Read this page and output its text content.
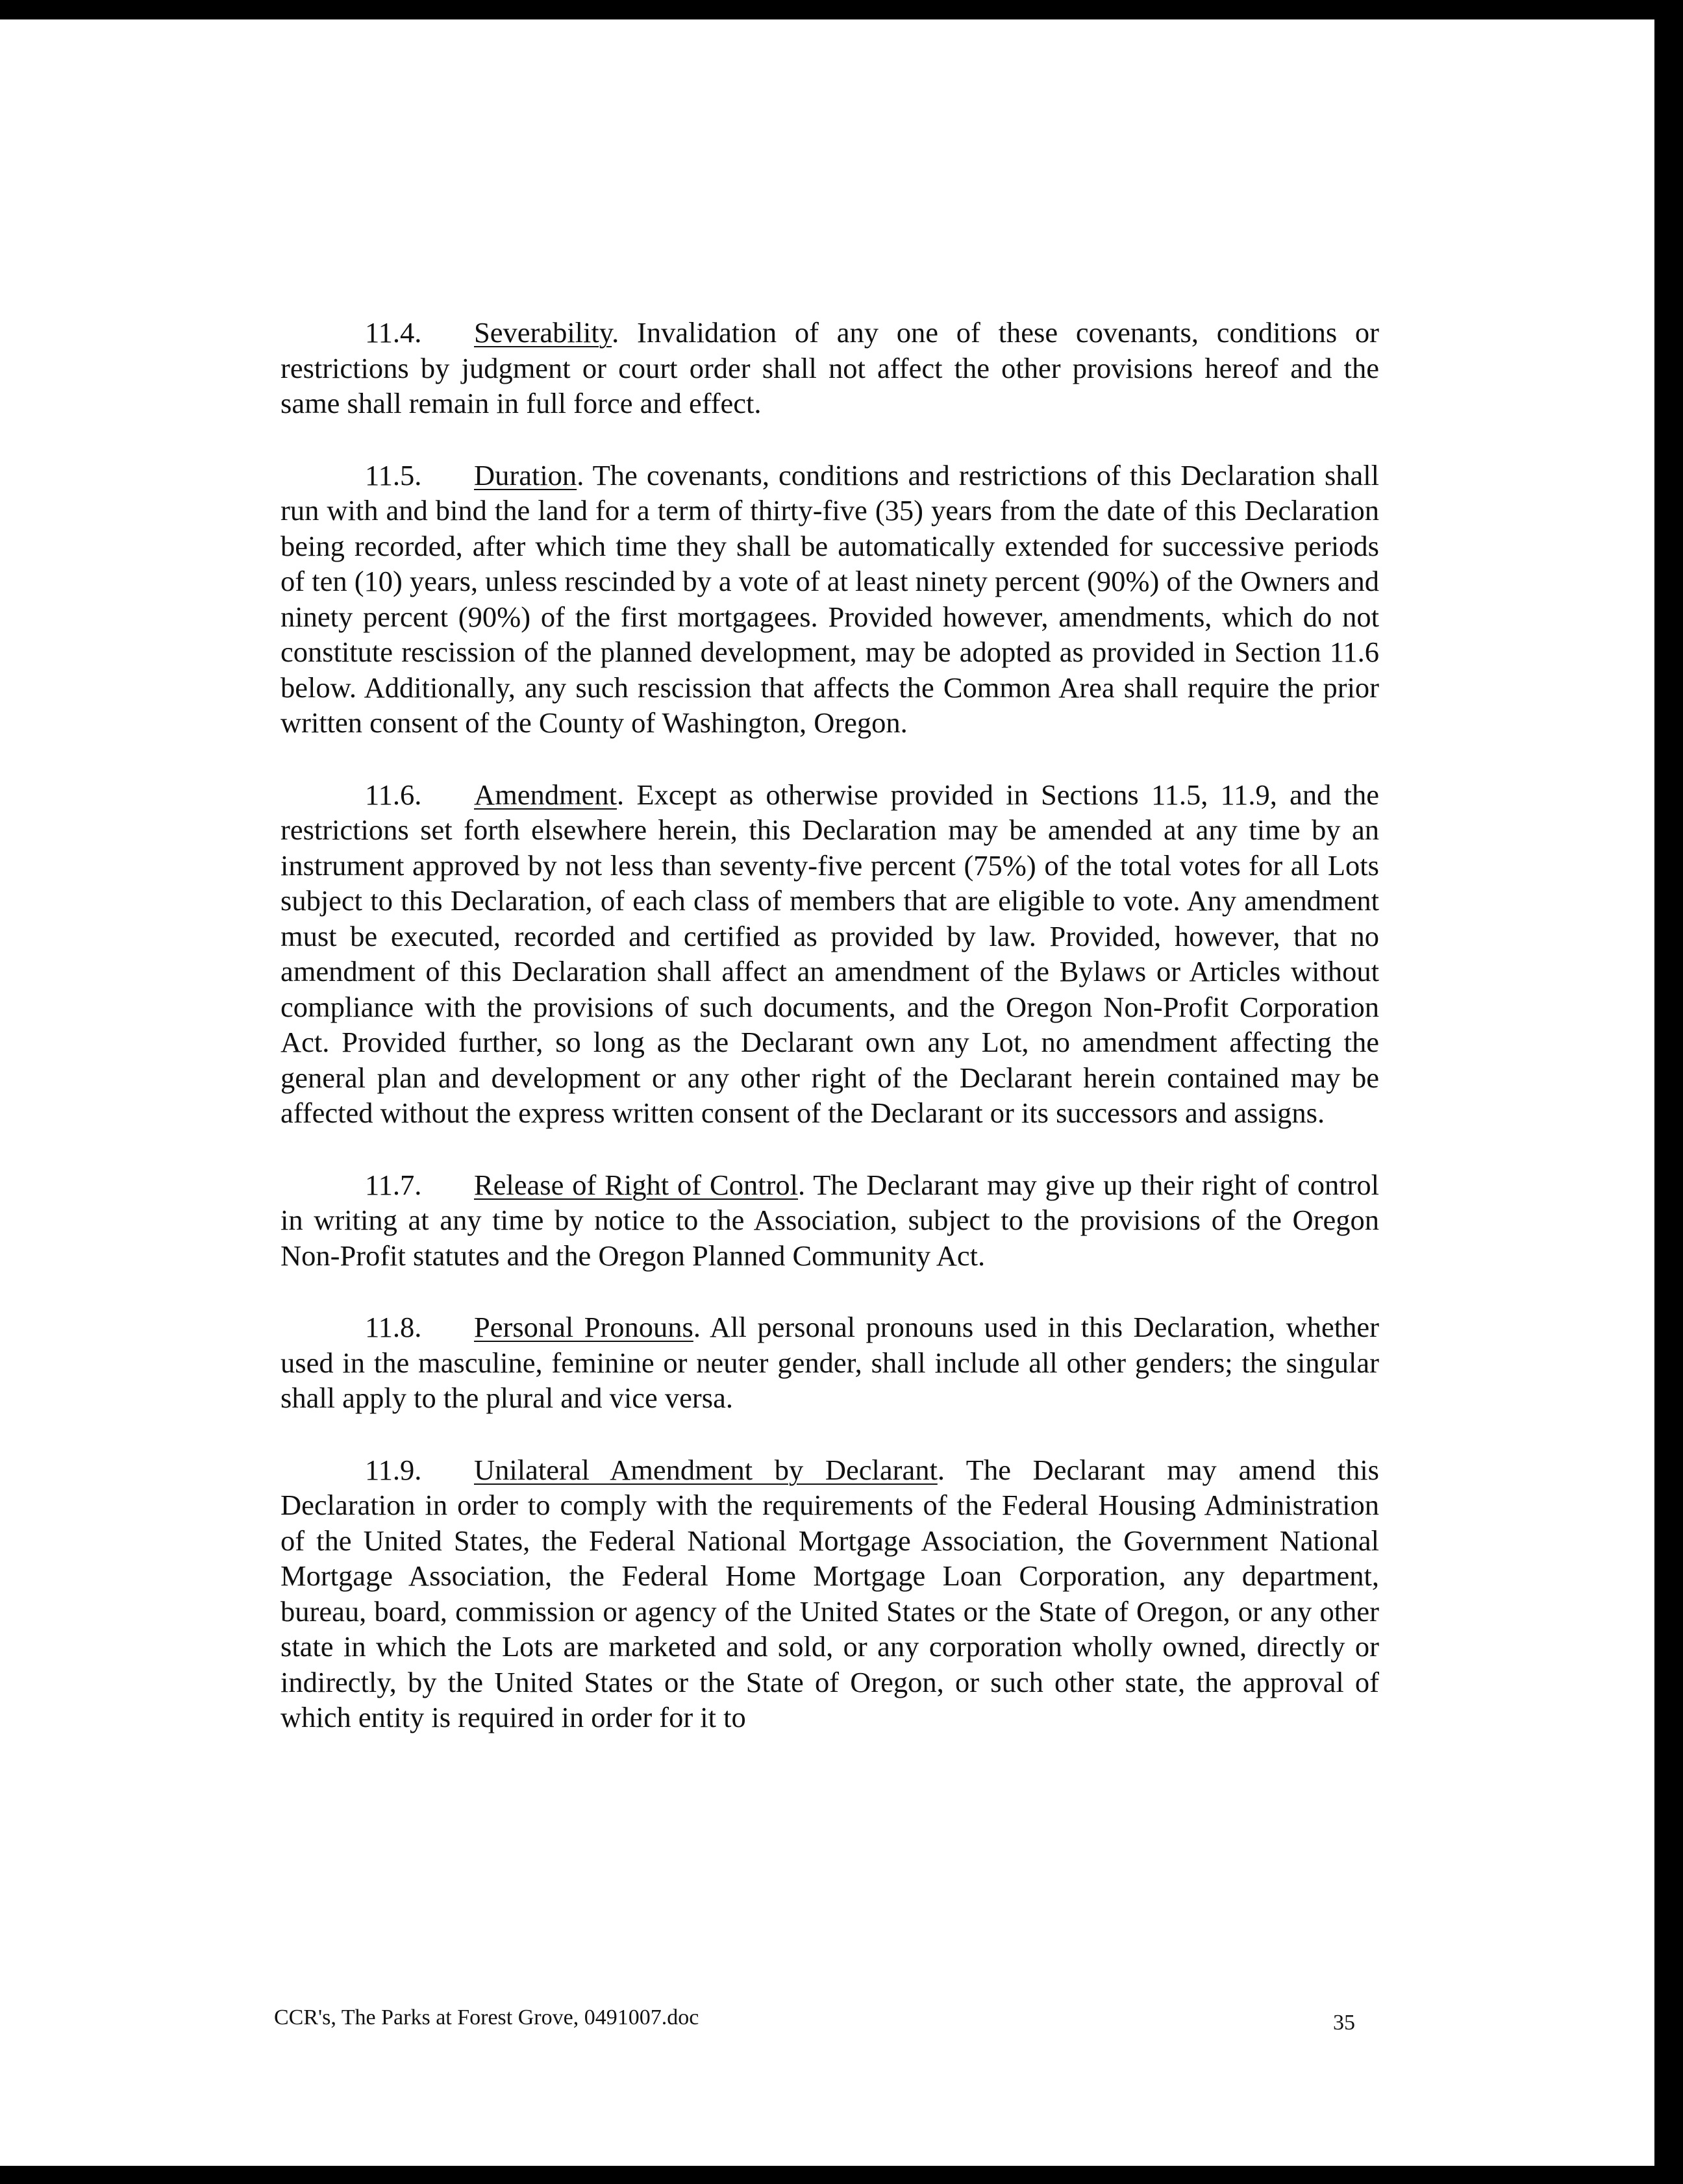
11.4. Severability. Invalidation of any one of these covenants, conditions or restrictions by judgment or court order shall not affect the other provisions hereof and the same shall remain in full force and effect.

11.5. Duration. The covenants, conditions and restrictions of this Declaration shall run with and bind the land for a term of thirty-five (35) years from the date of this Declaration being recorded, after which time they shall be automatically extended for successive periods of ten (10) years, unless rescinded by a vote of at least ninety percent (90%) of the Owners and ninety percent (90%) of the first mortgagees. Provided however, amendments, which do not constitute rescission of the planned development, may be adopted as provided in Section 11.6 below. Additionally, any such rescission that affects the Common Area shall require the prior written consent of the County of Washington, Oregon.

11.6. Amendment. Except as otherwise provided in Sections 11.5, 11.9, and the restrictions set forth elsewhere herein, this Declaration may be amended at any time by an instrument approved by not less than seventy-five percent (75%) of the total votes for all Lots subject to this Declaration, of each class of members that are eligible to vote. Any amendment must be executed, recorded and certified as provided by law. Provided, however, that no amendment of this Declaration shall affect an amendment of the Bylaws or Articles without compliance with the provisions of such documents, and the Oregon Non-Profit Corporation Act. Provided further, so long as the Declarant own any Lot, no amendment affecting the general plan and development or any other right of the Declarant herein contained may be affected without the express written consent of the Declarant or its successors and assigns.

11.7. Release of Right of Control. The Declarant may give up their right of control in writing at any time by notice to the Association, subject to the provisions of the Oregon Non-Profit statutes and the Oregon Planned Community Act.

11.8. Personal Pronouns. All personal pronouns used in this Declaration, whether used in the masculine, feminine or neuter gender, shall include all other genders; the singular shall apply to the plural and vice versa.

11.9. Unilateral Amendment by Declarant. The Declarant may amend this Declaration in order to comply with the requirements of the Federal Housing Administration of the United States, the Federal National Mortgage Association, the Government National Mortgage Association, the Federal Home Mortgage Loan Corporation, any department, bureau, board, commission or agency of the United States or the State of Oregon, or any other state in which the Lots are marketed and sold, or any corporation wholly owned, directly or indirectly, by the United States or the State of Oregon, or such other state, the approval of which entity is required in order for it to

CCR's, The Parks at Forest Grove, 0491007.doc	35
